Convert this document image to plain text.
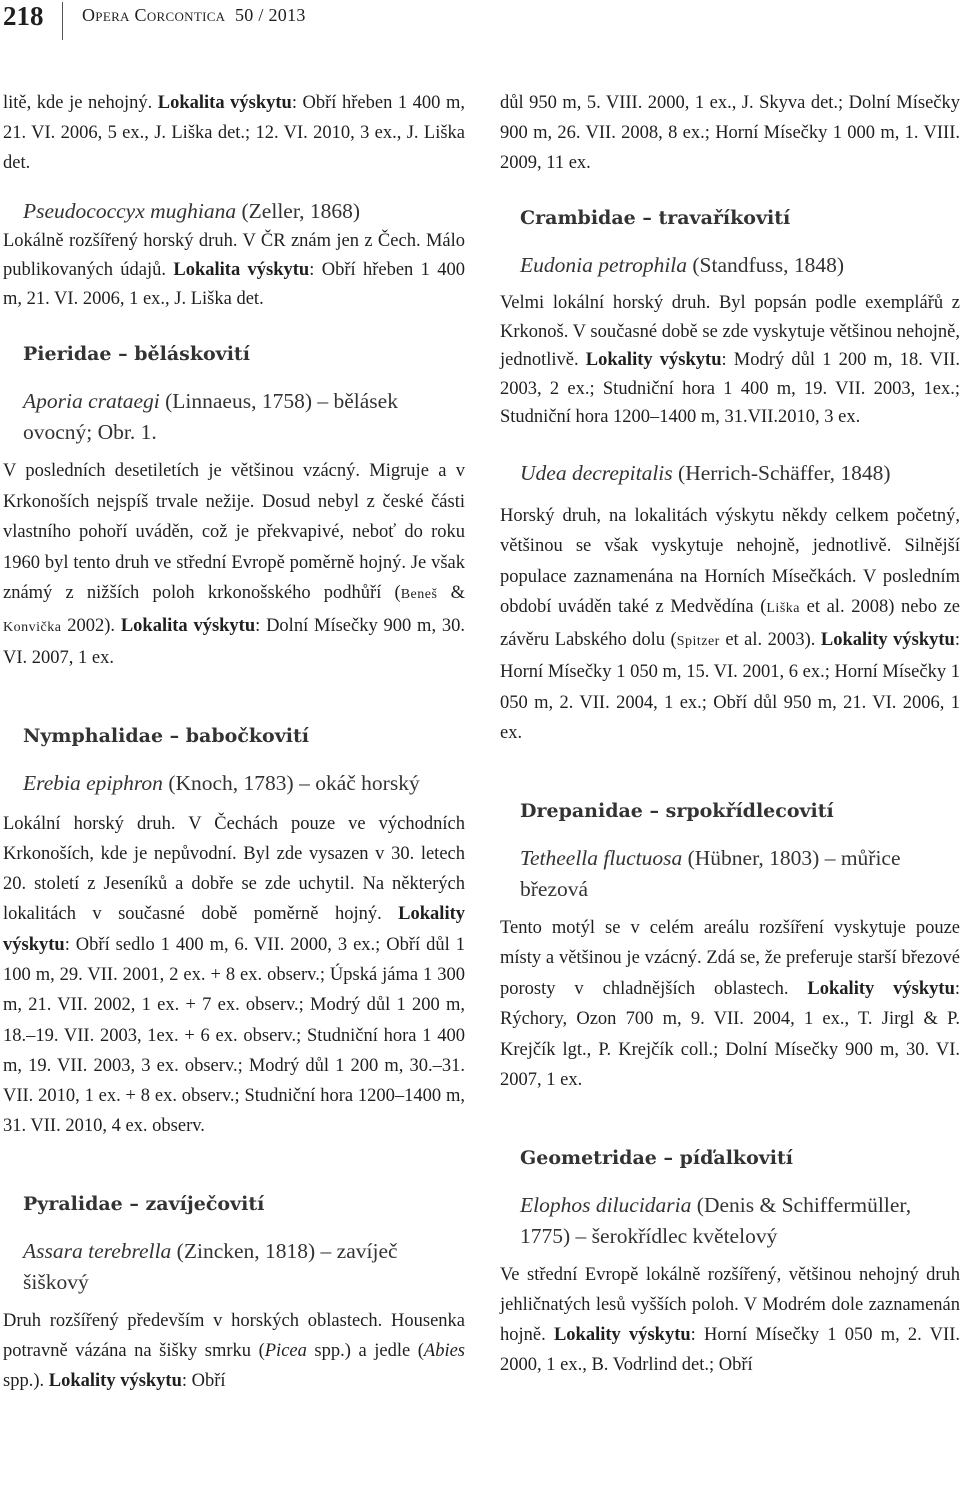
218 Opera Corcontica 50 / 2013

litě, kde je nehojný. Lokalita výskytu: Obří hřeben 1 400 m, 21. VI. 2006, 5 ex., J. Liška det.; 12. VI. 2010, 3 ex., J. Liška det.

Pseudococcyx mughiana (Zeller, 1868)

Lokálně rozšířený horský druh. V ČR znám jen z Čech. Málo publikovaných údajů. Lokalita výskytu: Obří hřeben 1 400 m, 21. VI. 2006, 1 ex., J. Liška det.

Pieridae – běláskovití
Aporia crataegi (Linnaeus, 1758) – bělásek ovocný; Obr. 1.

V posledních desetiletích je většinou vzácný. Migruje a v Krkonoších nejspíš trvale nežije. Dosud nebyl z české části vlastního pohoří uváděn, což je překvapivé, neboť do roku 1960 byl tento druh ve střední Evropě poměrně hojný. Je však známý z nižších poloh krkonošského podhůří (Beneš & Konvička 2002). Lokalita výskytu: Dolní Mísečky 900 m, 30. VI. 2007, 1 ex.

Nymphalidae – babočkovití
Erebia epiphron (Knoch, 1783) – okáč horský

Lokální horský druh. V Čechách pouze ve východních Krkonoších, kde je nepůvodní. Byl zde vysazen v 30. letech 20. století z Jeseníků a dobře se zde uchytil. Na některých lokalitách v současné době poměrně hojný. Lokality výskytu: Obří sedlo 1 400 m, 6. VII. 2000, 3 ex.; Obří důl 1 100 m, 29. VII. 2001, 2 ex. + 8 ex. observ.; Úpská jáma 1 300 m, 21. VII. 2002, 1 ex. + 7 ex. observ.; Modrý důl 1 200 m, 18.–19. VII. 2003, 1ex. + 6 ex. observ.; Studniční hora 1 400 m, 19. VII. 2003, 3 ex. observ.; Modrý důl 1 200 m, 30.–31. VII. 2010, 1 ex. + 8 ex. observ.; Studniční hora 1200–1400 m, 31. VII. 2010, 4 ex. observ.

Pyralidae – zavíječovití
Assara terebrella (Zincken, 1818) – zavíječ šiškový

Druh rozšířený především v horských oblastech. Housenka potravně vázána na šišky smrku (Picea spp.) a jedle (Abies spp.). Lokality výskytu: Obří

důl 950 m, 5. VIII. 2000, 1 ex., J. Skyva det.; Dolní Mísečky 900 m, 26. VII. 2008, 8 ex.; Horní Mísečky 1 000 m, 1. VIII. 2009, 11 ex.

Crambidae – travaříkovití
Eudonia petrophila (Standfuss, 1848)

Velmi lokální horský druh. Byl popsán podle exemplářů z Krkonoš. V současné době se zde vyskytuje většinou nehojně, jednotlivě. Lokality výskytu: Modrý důl 1 200 m, 18. VII. 2003, 2 ex.; Studniční hora 1 400 m, 19. VII. 2003, 1ex.; Studniční hora 1200–1400 m, 31.VII.2010, 3 ex.

Udea decrepitalis (Herrich-Schäffer, 1848)

Horský druh, na lokalitách výskytu někdy celkem početný, většinou se však vyskytuje nehojně, jednotlivě. Silnější populace zaznamenána na Horních Mísečkách. V posledním období uváděn také z Medvědína (Liška et al. 2008) nebo ze závěru Labského dolu (Spitzer et al. 2003). Lokality výskytu: Horní Mísečky 1 050 m, 15. VI. 2001, 6 ex.; Horní Mísečky 1 050 m, 2. VII. 2004, 1 ex.; Obří důl 950 m, 21. VI. 2006, 1 ex.

Drepanidae – srpokřídlecovití
Tetheella fluctuosa (Hübner, 1803) – můřice březová

Tento motýl se v celém areálu rozšíření vyskytuje pouze místy a většinou je vzácný. Zdá se, že preferuje starší březové porosty v chladnějších oblastech. Lokality výskytu: Rýchory, Ozon 700 m, 9. VII. 2004, 1 ex., T. Jirgl & P. Krejčík lgt., P. Krejčík coll.; Dolní Mísečky 900 m, 30. VI. 2007, 1 ex.

Geometridae – píďalkovití
Elophos dilucidaria (Denis & Schiffermüller, 1775) – šerokřídlec květelový

Ve střední Evropě lokálně rozšířený, většinou nehojný druh jehličnatých lesů vyšších poloh. V Modrém dole zaznamenán hojně. Lokality výskytu: Horní Mísečky 1 050 m, 2. VII. 2000, 1 ex., B. Vodrlind det.; Obří
